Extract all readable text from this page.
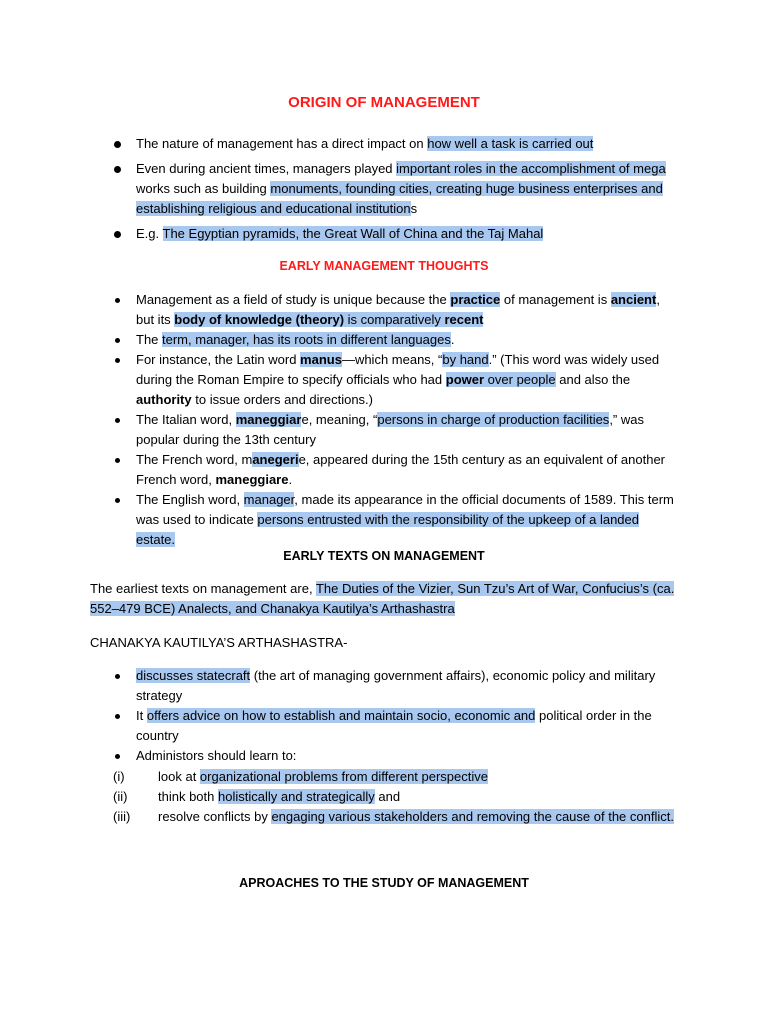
ORIGIN OF MANAGEMENT
The nature of management has a direct impact on how well a task is carried out
Even during ancient times, managers played important roles in the accomplishment of mega works such as building monuments, founding cities, creating huge business enterprises and establishing religious and educational institutions
E.g. The Egyptian pyramids, the Great Wall of China and the Taj Mahal
EARLY MANAGEMENT THOUGHTS
Management as a field of study is unique because the practice of management is ancient, but its body of knowledge (theory) is comparatively recent
The term, manager, has its roots in different languages.
For instance, the Latin word manus—which means, “by hand.” (This word was widely used during the Roman Empire to specify officials who had power over people and also the authority to issue orders and directions.)
The Italian word, maneggiare, meaning, “persons in charge of production facilities,” was popular during the 13th century
The French word, manegerie, appeared during the 15th century as an equivalent of another French word, maneggiare.
The English word, manager, made its appearance in the official documents of 1589. This term was used to indicate persons entrusted with the responsibility of the upkeep of a landed estate.
EARLY TEXTS ON MANAGEMENT

The earliest texts on management are, The Duties of the Vizier, Sun Tzu’s Art of War, Confucius’s (ca. 552–479 BCE) Analects, and Chanakya Kautilya’s Arthashastra

CHANAKYA KAUTILYA’S ARTHASHASTRA-

discusses statecraft (the art of managing government affairs), economic policy and military strategy
It offers advice on how to establish and maintain socio, economic and political order in the country
Administors should learn to:
(i)	look at organizational problems from different perspective
(ii) think both holistically and strategically and
(iii) resolve conflicts by engaging various stakeholders and removing the cause of the conflict.
APROACHES TO THE STUDY OF MANAGEMENT
